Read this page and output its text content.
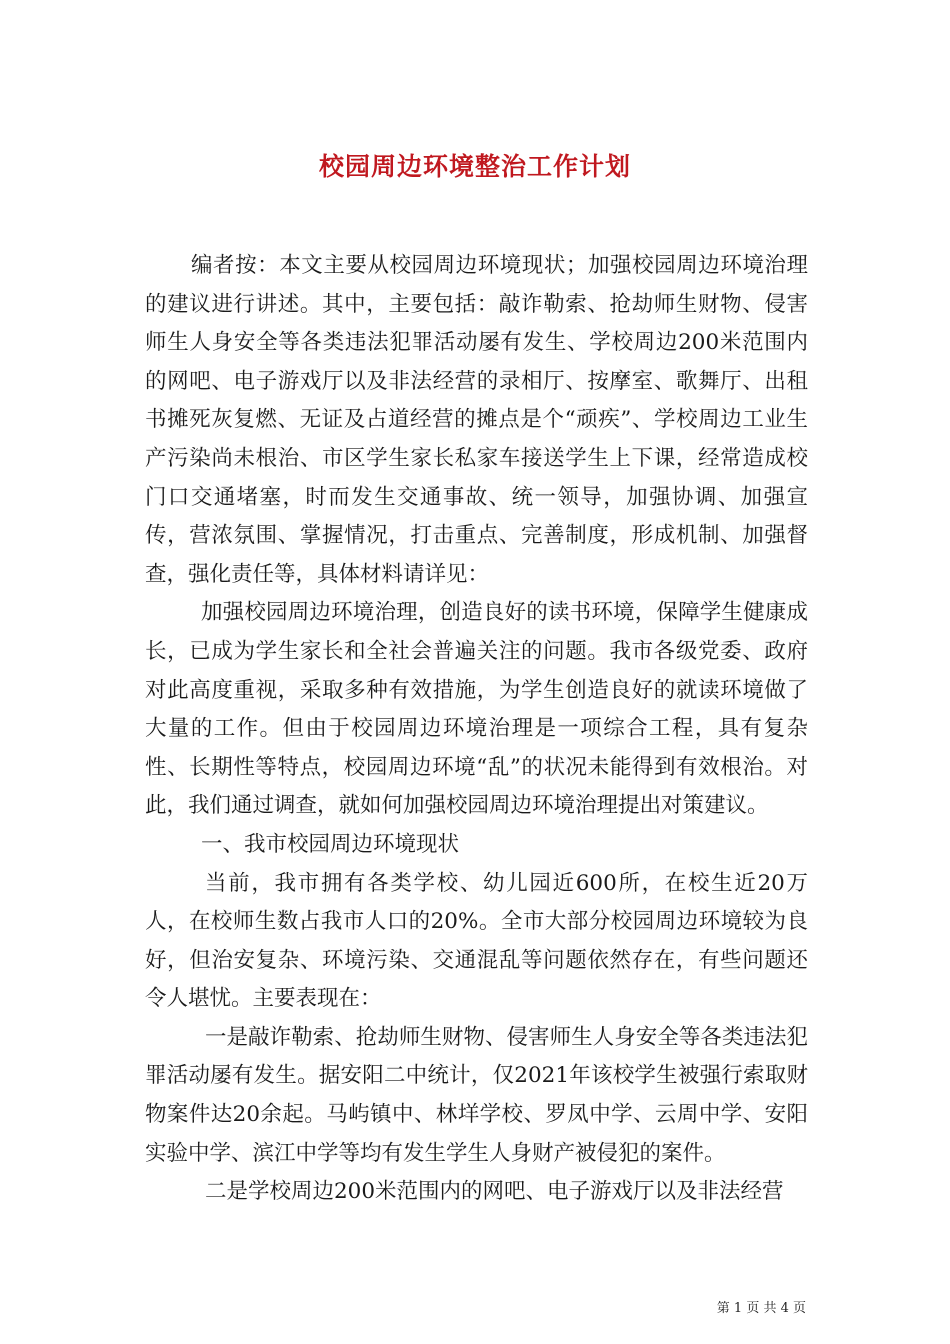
校园周边环境整治工作计划

编者按：本文主要从校园周边环境现状；加强校园周边环境治理的建议进行讲述。其中，主要包括：敲诈勒索、抢劫师生财物、侵害师生人身安全等各类违法犯罪活动屡有发生、学校周边200米范围内的网吧、电子游戏厅以及非法经营的录相厅、按摩室、歌舞厅、出租书摊死灰复燃、无证及占道经营的摊点是个“顽疾”、学校周边工业生产污染尚未根治、市区学生家长私家车接送学生上下课，经常造成校门口交通堵塞，时而发生交通事故、统一领导，加强协调、加强宣传，营浓氛围、掌握情况，打击重点、完善制度，形成机制、加强督查，强化责任等，具体材料请详见：

加强校园周边环境治理，创造良好的读书环境，保障学生健康成长，已成为学生家长和全社会普遍关注的问题。我市各级党委、政府对此高度重视，采取多种有效措施，为学生创造良好的就读环境做了大量的工作。但由于校园周边环境治理是一项综合工程，具有复杂性、长期性等特点，校园周边环境“乱”的状况未能得到有效根治。对此，我们通过调查，就如何加强校园周边环境治理提出对策建议。

一、我市校园周边环境现状

当前，我市拥有各类学校、幼儿园近600所，在校生近20万人，在校师生数占我市人口的20%。全市大部分校园周边环境较为良好，但治安复杂、环境污染、交通混乱等问题依然存在，有些问题还令人堪忧。主要表现在：

一是敲诈勒索、抢劫师生财物、侵害师生人身安全等各类违法犯罪活动屡有发生。据安阳二中统计，仅2021年该校学生被强行索取财物案件达20余起。马屿镇中、林垟学校、罗凤中学、云周中学、安阳实验中学、滨江中学等均有发生学生人身财产被侵犯的案件。

二是学校周边200米范围内的网吧、电子游戏厅以及非法经营

第 1 页 共 4 页
